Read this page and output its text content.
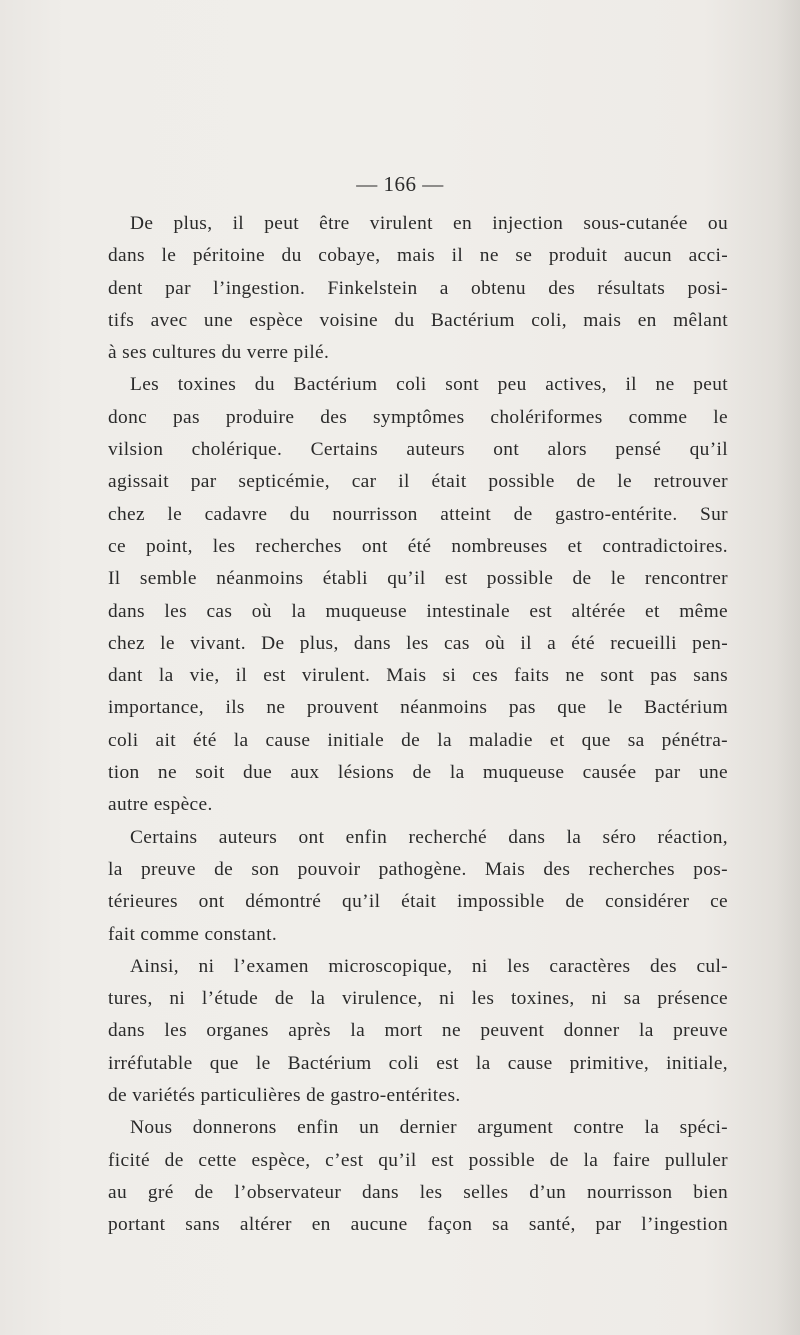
— 166 —
De plus, il peut être virulent en injection sous-cutanée ou
dans le péritoine du cobaye, mais il ne se produit aucun acci-
dent par l’ingestion. Finkelstein a obtenu des résultats posi-
tifs avec une espèce voisine du Bactérium coli, mais en mêlant
à ses cultures du verre pilé.
Les toxines du Bactérium coli sont peu actives, il ne peut
donc pas produire des symptômes cholériformes comme le
vilsion cholérique. Certains auteurs ont alors pensé qu’il
agissait par septicémie, car il était possible de le retrouver
chez le cadavre du nourrisson atteint de gastro-entérite. Sur
ce point, les recherches ont été nombreuses et contradictoires.
Il semble néanmoins établi qu’il est possible de le rencontrer
dans les cas où la muqueuse intestinale est altérée et même
chez le vivant. De plus, dans les cas où il a été recueilli pen-
dant la vie, il est virulent. Mais si ces faits ne sont pas sans
importance, ils ne prouvent néanmoins pas que le Bactérium
coli ait été la cause initiale de la maladie et que sa pénétra-
tion ne soit due aux lésions de la muqueuse causée par une
autre espèce.
Certains auteurs ont enfin recherché dans la séro réaction,
la preuve de son pouvoir pathogène. Mais des recherches pos-
térieures ont démontré qu’il était impossible de considérer ce
fait comme constant.
Ainsi, ni l’examen microscopique, ni les caractères des cul-
tures, ni l’étude de la virulence, ni les toxines, ni sa présence
dans les organes après la mort ne peuvent donner la preuve
irréfutable que le Bactérium coli est la cause primitive, initiale,
de variétés particulières de gastro-entérites.
Nous donnerons enfin un dernier argument contre la spéci-
ficité de cette espèce, c’est qu’il est possible de la faire pulluler
au gré de l’observateur dans les selles d’un nourrisson bien
portant sans altérer en aucune façon sa santé, par l’ingestion
